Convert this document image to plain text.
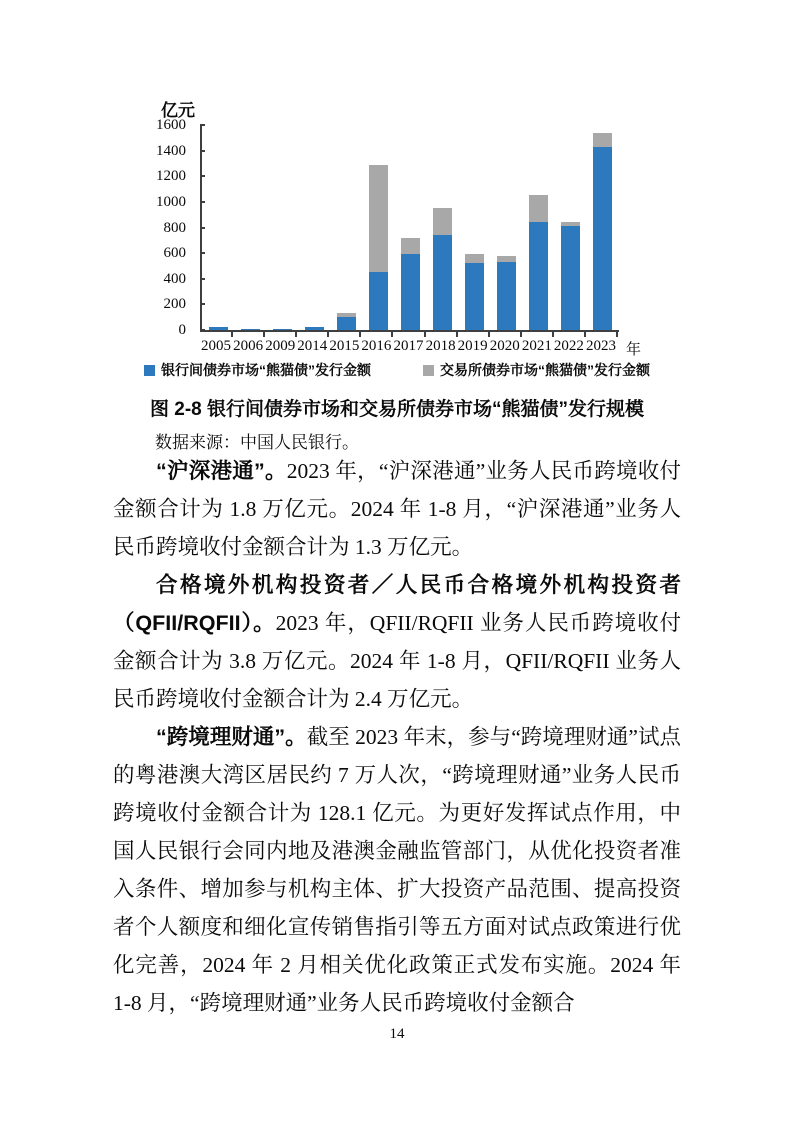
亿元
1600
1400
1200
1000
800
600
400
200
0
2005 2006 2009 2014 2015 2016 2017 2018 2019 2020 2021 2022 2023 年
银行间债券市场“熊猫债”发行金额	交易所债券市场“熊猫债”发行金额
图 2-8 银行间债券市场和交易所债券市场“熊猫债”发行规模
数据来源：中国人民银行。

“沪深港通”。2023 年，“沪深港通”业务人民币跨境收付金额合计为 1.8 万亿元。2024 年 1-8 月，“沪深港通”业务人民币跨境收付金额合计为 1.3 万亿元。

合格境外机构投资者／人民币合格境外机构投资者（QFII/RQFII）。2023 年，QFII/RQFII 业务人民币跨境收付金额合计为 3.8 万亿元。2024 年 1-8 月，QFII/RQFII 业务人民币跨境收付金额合计为 2.4 万亿元。

“跨境理财通”。截至 2023 年末，参与“跨境理财通”试点的粤港澳大湾区居民约 7 万人次，“跨境理财通”业务人民币跨境收付金额合计为 128.1 亿元。为更好发挥试点作用，中国人民银行会同内地及港澳金融监管部门，从优化投资者准入条件、增加参与机构主体、扩大投资产品范围、提高投资者个人额度和细化宣传销售指引等五方面对试点政策进行优化完善，2024 年 2 月相关优化政策正式发布实施。2024 年 1-8 月，“跨境理财通”业务人民币跨境收付金额合

14
